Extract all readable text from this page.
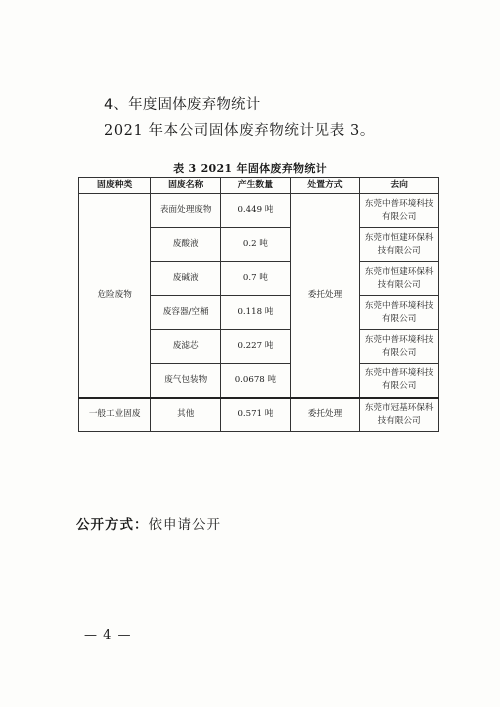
4、年度固体废弃物统计
2021 年本公司固体废弃物统计见表 3。
表 3 2021 年固体废弃物统计
固废种类	固废名称	产生数量	处置方式	去向
危险废物	表面处理废物	0.449 吨	委托处理	东莞中普环境科技有限公司
	废酸液	0.2 吨		东莞市恒建环保科技有限公司
	废碱液	0.7 吨		东莞市恒建环保科技有限公司
	废容器/空桶	0.118 吨		东莞中普环境科技有限公司
	废滤芯	0.227 吨		东莞中普环境科技有限公司
	废气包装物	0.0678 吨		东莞中普环境科技有限公司
一般工业固废	其他	0.571 吨	委托处理	东莞市冠基环保科技有限公司
公开方式：依申请公开
— 4 —
